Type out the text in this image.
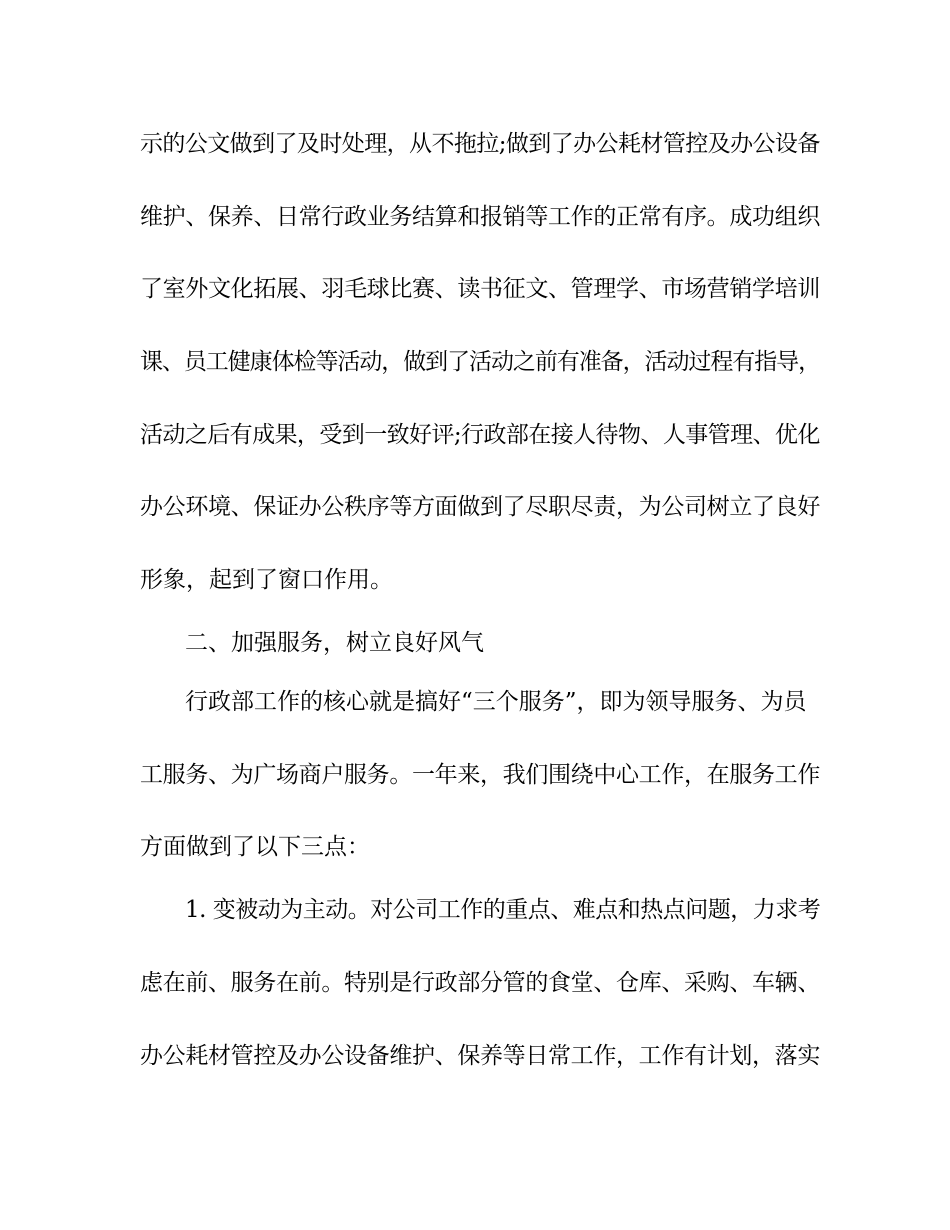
示的公文做到了及时处理，从不拖拉;做到了办公耗材管控及办公设备
维护、保养、日常行政业务结算和报销等工作的正常有序。成功组织
了室外文化拓展、羽毛球比赛、读书征文、管理学、市场营销学培训
课、员工健康体检等活动，做到了活动之前有准备，活动过程有指导，
活动之后有成果，受到一致好评;行政部在接人待物、人事管理、优化
办公环境、保证办公秩序等方面做到了尽职尽责，为公司树立了良好
形象，起到了窗口作用。
二、加强服务，树立良好风气
行政部工作的核心就是搞好“三个服务”，即为领导服务、为员
工服务、为广场商户服务。一年来，我们围绕中心工作，在服务工作
方面做到了以下三点：
1. 变被动为主动。对公司工作的重点、难点和热点问题，力求考
虑在前、服务在前。特别是行政部分管的食堂、仓库、采购、车辆、
办公耗材管控及办公设备维护、保养等日常工作，工作有计划，落实
